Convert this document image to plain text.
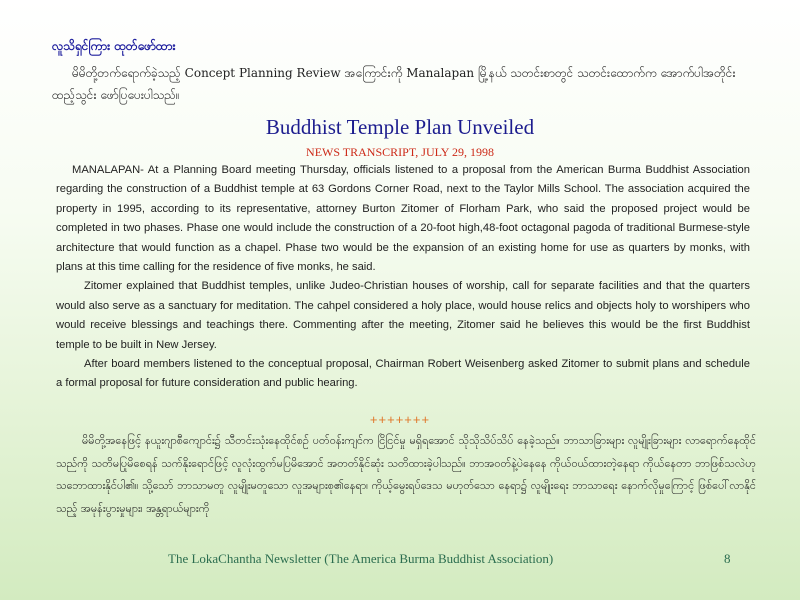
လူသိရှင်ကြား ထုတ်ဖော်ထား
မိမိတို့တက်ရောက်ခဲ့သည့် Concept Planning Review အကြောင်းကို Manalapan မြို့နယ် သတင်းစာတွင် သတင်းထောက်က အောက်ပါအတိုင်း ထည့်သွင်း ဖော်ပြပေးပါသည်။
Buddhist Temple Plan Unveiled
NEWS TRANSCRIPT, JULY 29, 1998

MANALAPAN- At a Planning Board meeting Thursday, officials listened to a proposal from the American Burma Buddhist Association regarding the construction of a Buddhist temple at 63 Gordons Corner Road, next to the Taylor Mills School. The association acquired the property in 1995, according to its representative, attorney Burton Zitomer of Florham Park, who said the proposed project would be completed in two phases. Phase one would include the construction of a 20-foot high,48-foot octagonal pagoda of traditional Burmese-style architecture that would function as a chapel. Phase two would be the expansion of an existing home for use as quarters by monks, with plans at this time calling for the residence of five monks, he said.

Zitomer explained that Buddhist temples, unlike Judeo-Christian houses of worship, call for separate facilities and that the quarters would also serve as a sanctuary for meditation. The cahpel considered a holy place, would house relics and objects holy to worshipers who would receive blessings and teachings there. Commenting after the meeting, Zitomer said he believes this would be the first Buddhist temple to be built in New Jersey.

After board members listened to the conceptual proposal, Chairman Robert Weisenberg asked Zitomer to submit plans and schedule a formal proposal for future consideration and public hearing.

+++++++
မိမိတို့အနေဖြင့် နယူးဂျာစီကျောင်း၌ သီတင်းသုံးနေထိုင်စဉ် ပတ်ဝန်းကျင်က ငြိငြင်မှု မရှိရအောင် သိုသိုသိပ်သိပ် နေခဲ့သည်။ ဘာသာခြားများ လူမျိုးခြားများ လာရောက်နေထိုင် သည်ကို သတိမပြုမိစေရန် သက်နိုးရောင်ဖြင့် လူလုံးထွက်မပြမိအောင် အတတ်နိုင်ဆုံး သတိထားခဲ့ပါသည်။ ဘာအဝတ်နဲ့ပဲနေနေ ကိုယ်ဝယ်ထားတဲ့နေရာ ကိုယ်နေတာ ဘာဖြစ်သလဲဟု သဘောထားနိုင်ပါ၏။ သို့သော် ဘာသာမတူ လူမျိုးမတူသော လူအများစု၏နေရာ၊ ကိုယ့်မွေးရပ်ဒေသ မဟုတ်သော နေရာ၌ လူမျိုးရေး ဘာသာရေး နောက်လိုမှုကြောင့် ဖြစ်ပေါ်လာနိုင်သည့် အမုန်းပွားမှုများ၊ အန္တရာယ်များကို
The LokaChantha Newsletter (The America Burma Buddhist Association)	8
